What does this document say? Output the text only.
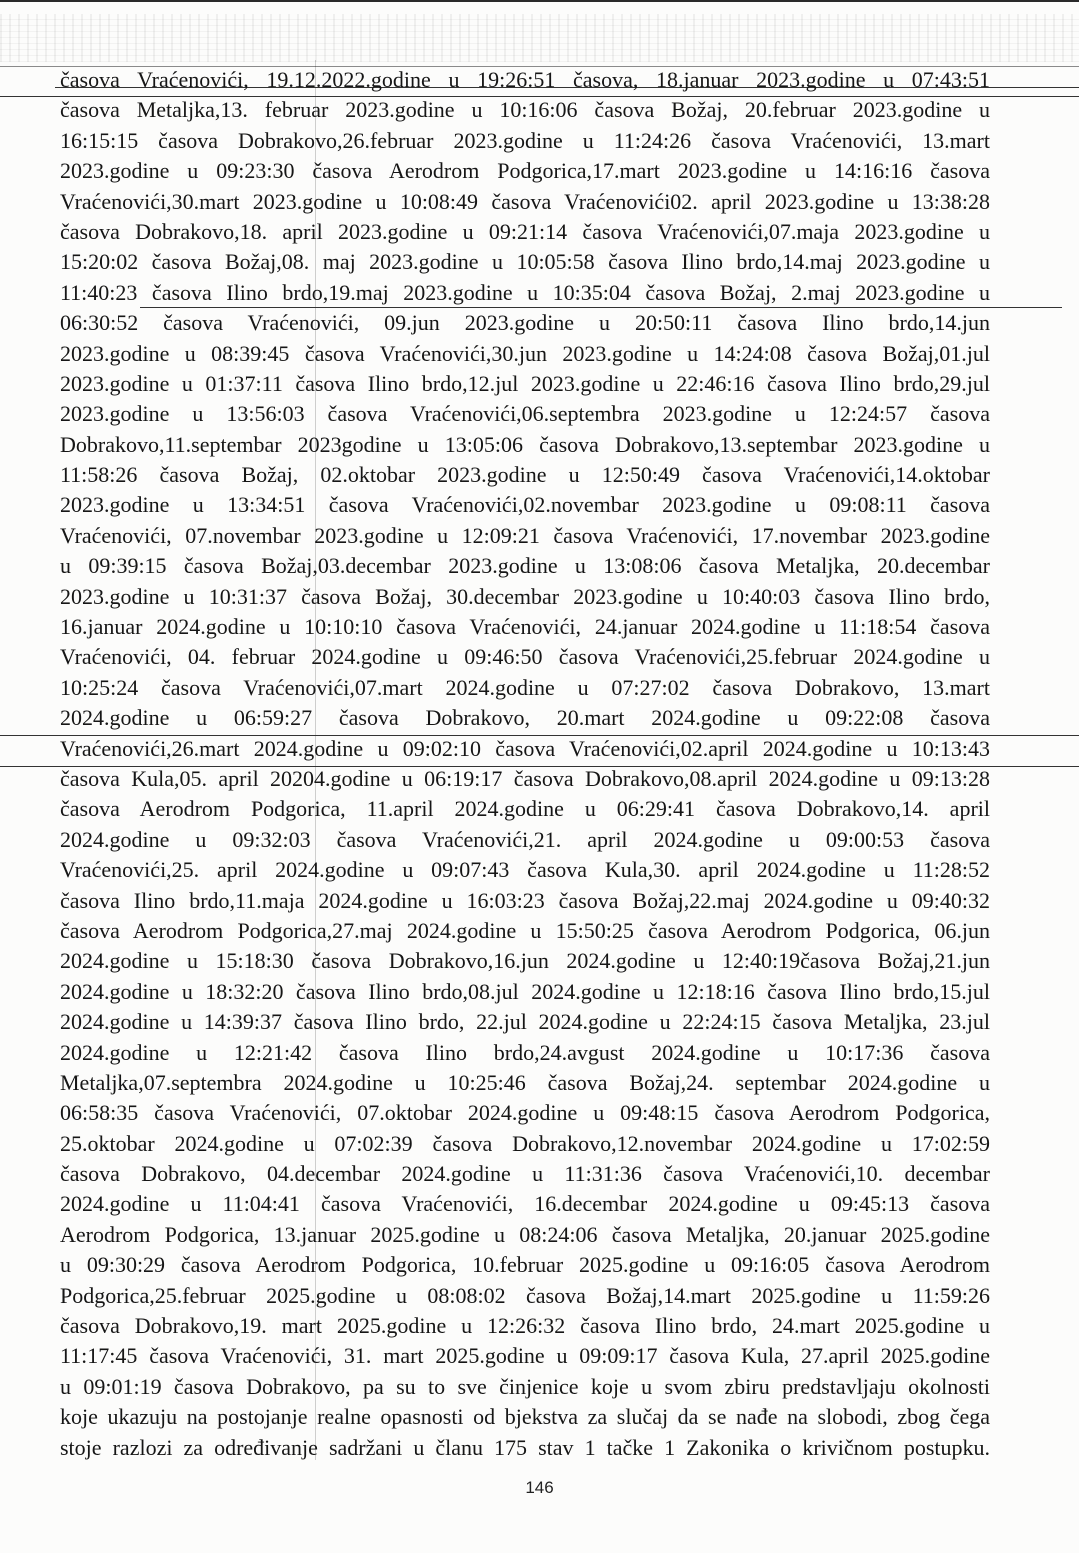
časova Vraćenovići, 19.12.2022.godine u 19:26:51 časova, 18.januar 2023.godine u 07:43:51
časova Metaljka,13. februar 2023.godine u 10:16:06 časova Božaj, 20.februar 2023.godine u
16:15:15 časova Dobrakovo,26.februar 2023.godine u 11:24:26 časova Vraćenovići, 13.mart
2023.godine u 09:23:30 časova Aerodrom Podgorica,17.mart 2023.godine u 14:16:16 časova
Vraćenovići,30.mart 2023.godine u 10:08:49 časova Vraćenovići02. april 2023.godine u 13:38:28
časova Dobrakovo,18. april 2023.godine u 09:21:14 časova Vraćenovići,07.maja 2023.godine u
15:20:02 časova Božaj,08. maj 2023.godine u 10:05:58 časova Ilino brdo,14.maj 2023.godine u
11:40:23 časova Ilino brdo,19.maj 2023.godine u 10:35:04 časova Božaj, 2.maj 2023.godine u
06:30:52 časova Vraćenovići, 09.jun 2023.godine u 20:50:11 časova Ilino brdo,14.jun
2023.godine u 08:39:45 časova Vraćenovići,30.jun 2023.godine u 14:24:08 časova Božaj,01.jul
2023.godine u 01:37:11 časova Ilino brdo,12.jul 2023.godine u 22:46:16 časova Ilino brdo,29.jul
2023.godine u 13:56:03 časova Vraćenovići,06.septembra 2023.godine u 12:24:57 časova
Dobrakovo,11.septembar 2023godine u 13:05:06 časova Dobrakovo,13.septembar 2023.godine u
11:58:26 časova Božaj, 02.oktobar 2023.godine u 12:50:49 časova Vraćenovići,14.oktobar
2023.godine u 13:34:51 časova Vraćenovići,02.novembar 2023.godine u 09:08:11 časova
Vraćenovići, 07.novembar 2023.godine u 12:09:21 časova Vraćenovići, 17.novembar 2023.godine
u 09:39:15 časova Božaj,03.decembar 2023.godine u 13:08:06 časova Metaljka, 20.decembar
2023.godine u 10:31:37 časova Božaj, 30.decembar 2023.godine u 10:40:03 časova Ilino brdo,
16.januar 2024.godine u 10:10:10 časova Vraćenovići, 24.januar 2024.godine u 11:18:54 časova
Vraćenovići, 04. februar 2024.godine u 09:46:50 časova Vraćenovići,25.februar 2024.godine u
10:25:24 časova Vraćenovići,07.mart 2024.godine u 07:27:02 časova Dobrakovo, 13.mart
2024.godine u 06:59:27 časova Dobrakovo, 20.mart 2024.godine u 09:22:08 časova
Vraćenovići,26.mart 2024.godine u 09:02:10 časova Vraćenovići,02.april 2024.godine u 10:13:43
časova Kula,05. april 20204.godine u 06:19:17 časova Dobrakovo,08.april 2024.godine u 09:13:28
časova Aerodrom Podgorica, 11.april 2024.godine u 06:29:41 časova Dobrakovo,14. april
2024.godine u 09:32:03 časova Vraćenovići,21. april 2024.godine u 09:00:53 časova
Vraćenovići,25. april 2024.godine u 09:07:43 časova Kula,30. april 2024.godine u 11:28:52
časova Ilino brdo,11.maja 2024.godine u 16:03:23 časova Božaj,22.maj 2024.godine u 09:40:32
časova Aerodrom Podgorica,27.maj 2024.godine u 15:50:25 časova Aerodrom Podgorica, 06.jun
2024.godine u 15:18:30 časova Dobrakovo,16.jun 2024.godine u 12:40:19časova Božaj,21.jun
2024.godine u 18:32:20 časova Ilino brdo,08.jul 2024.godine u 12:18:16 časova Ilino brdo,15.jul
2024.godine u 14:39:37 časova Ilino brdo, 22.jul 2024.godine u 22:24:15 časova Metaljka, 23.jul
2024.godine u 12:21:42 časova Ilino brdo,24.avgust 2024.godine u 10:17:36 časova
Metaljka,07.septembra 2024.godine u 10:25:46 časova Božaj,24. septembar 2024.godine u
06:58:35 časova Vraćenovići, 07.oktobar 2024.godine u 09:48:15 časova Aerodrom Podgorica,
25.oktobar 2024.godine u 07:02:39 časova Dobrakovo,12.novembar 2024.godine u 17:02:59
časova Dobrakovo, 04.decembar 2024.godine u 11:31:36 časova Vraćenovići,10. decembar
2024.godine u 11:04:41 časova Vraćenovići, 16.decembar 2024.godine u 09:45:13 časova
Aerodrom Podgorica, 13.januar 2025.godine u 08:24:06 časova Metaljka, 20.januar 2025.godine
u 09:30:29 časova Aerodrom Podgorica, 10.februar 2025.godine u 09:16:05 časova Aerodrom
Podgorica,25.februar 2025.godine u 08:08:02 časova Božaj,14.mart 2025.godine u 11:59:26
časova Dobrakovo,19. mart 2025.godine u 12:26:32 časova Ilino brdo, 24.mart 2025.godine u
11:17:45 časova Vraćenovići, 31. mart 2025.godine u 09:09:17 časova Kula, 27.april 2025.godine
u 09:01:19 časova Dobrakovo, pa su to sve činjenice koje u svom zbiru predstavljaju okolnosti
koje ukazuju na postojanje realne opasnosti od bjekstva za slučaj da se nađe na slobodi, zbog čega
stoje razlozi za određivanje sadržani u članu 175 stav 1 tačke 1 Zakonika o krivičnom postupku.
146
